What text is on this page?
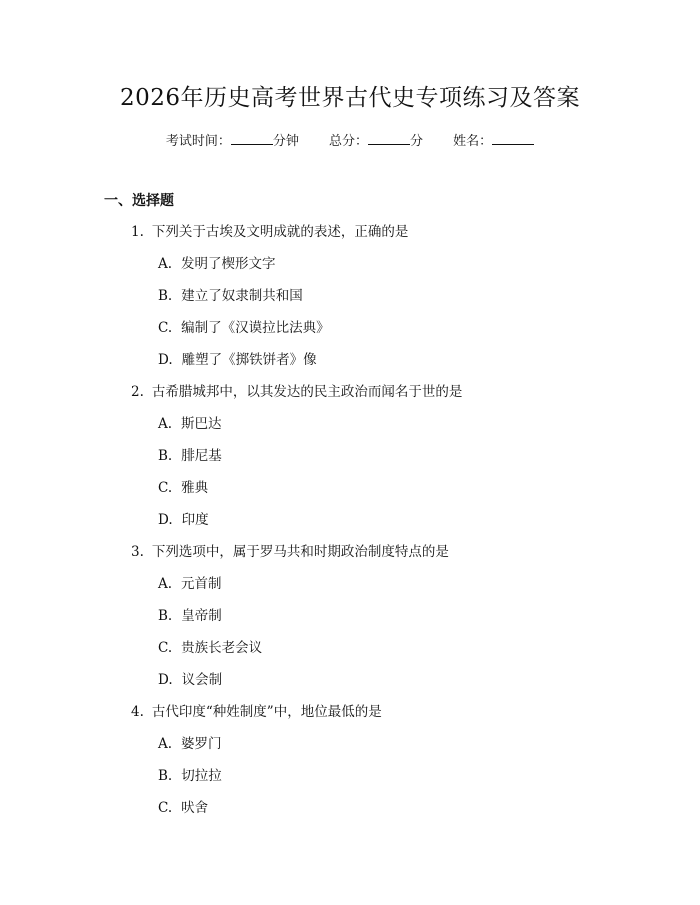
2026年历史高考世界古代史专项练习及答案
考试时间：	分钟 总分：	分 姓名：
一、选择题
1. 下列关于古埃及文明成就的表述，正确的是
A. 发明了楔形文字
B. 建立了奴隶制共和国
C. 编制了《汉谟拉比法典》
D. 雕塑了《掷铁饼者》像
2. 古希腊城邦中，以其发达的民主政治而闻名于世的是
A. 斯巴达
B. 腓尼基
C. 雅典
D. 印度
3. 下列选项中，属于罗马共和时期政治制度特点的是
A. 元首制
B. 皇帝制
C. 贵族长老会议
D. 议会制
4. 古代印度“种姓制度”中，地位最低的是
A. 婆罗门
B. 切拉拉
C. 吠舍
